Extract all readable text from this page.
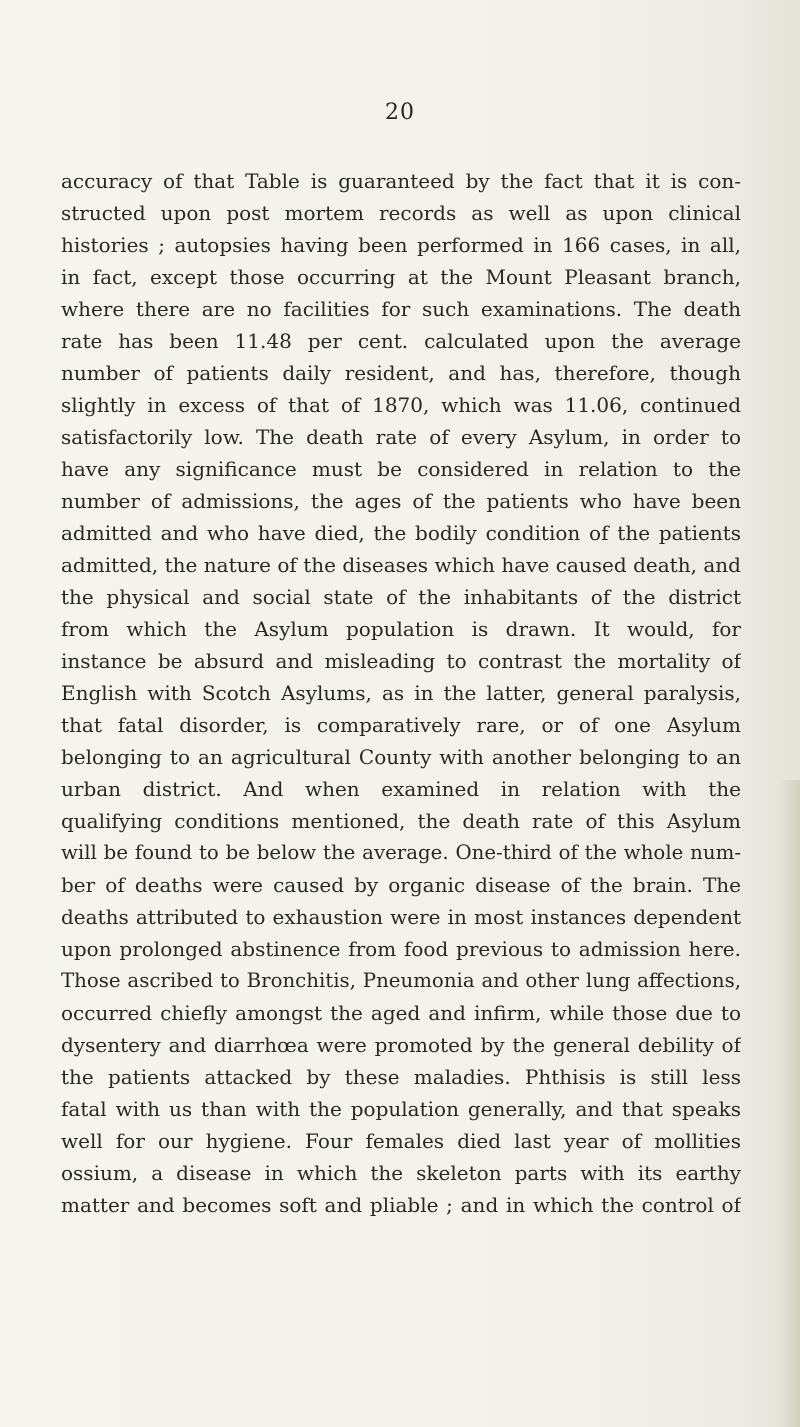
20

accuracy of that Table is guaranteed by the fact that it is con-
structed upon post mortem records as well as upon clinical
histories ; autopsies having been performed in 166 cases, in all,
in fact, except those occurring at the Mount Pleasant branch,
where there are no facilities for such examinations. The death
rate has been 11.48 per cent. calculated upon the average
number of patients daily resident, and has, therefore, though
slightly in excess of that of 1870, which was 11.06, continued
satisfactorily low. The death rate of every Asylum, in order to
have any significance must be considered in relation to the
number of admissions, the ages of the patients who have been
admitted and who have died, the bodily condition of the patients
admitted, the nature of the diseases which have caused death, and
the physical and social state of the inhabitants of the district
from which the Asylum population is drawn. It would, for
instance be absurd and misleading to contrast the mortality of
English with Scotch Asylums, as in the latter, general paralysis,
that fatal disorder, is comparatively rare, or of one Asylum
belonging to an agricultural County with another belonging to an
urban district. And when examined in relation with the
qualifying conditions mentioned, the death rate of this Asylum
will be found to be below the average. One-third of the whole num-
ber of deaths were caused by organic disease of the brain. The
deaths attributed to exhaustion were in most instances dependent
upon prolonged abstinence from food previous to admission here.
Those ascribed to Bronchitis, Pneumonia and other lung affections,
occurred chiefly amongst the aged and infirm, while those due to
dysentery and diarrhœa were promoted by the general debility of
the patients attacked by these maladies. Phthisis is still less
fatal with us than with the population generally, and that speaks
well for our hygiene. Four females died last year of mollities
ossium, a disease in which the skeleton parts with its earthy
matter and becomes soft and pliable ; and in which the control of
